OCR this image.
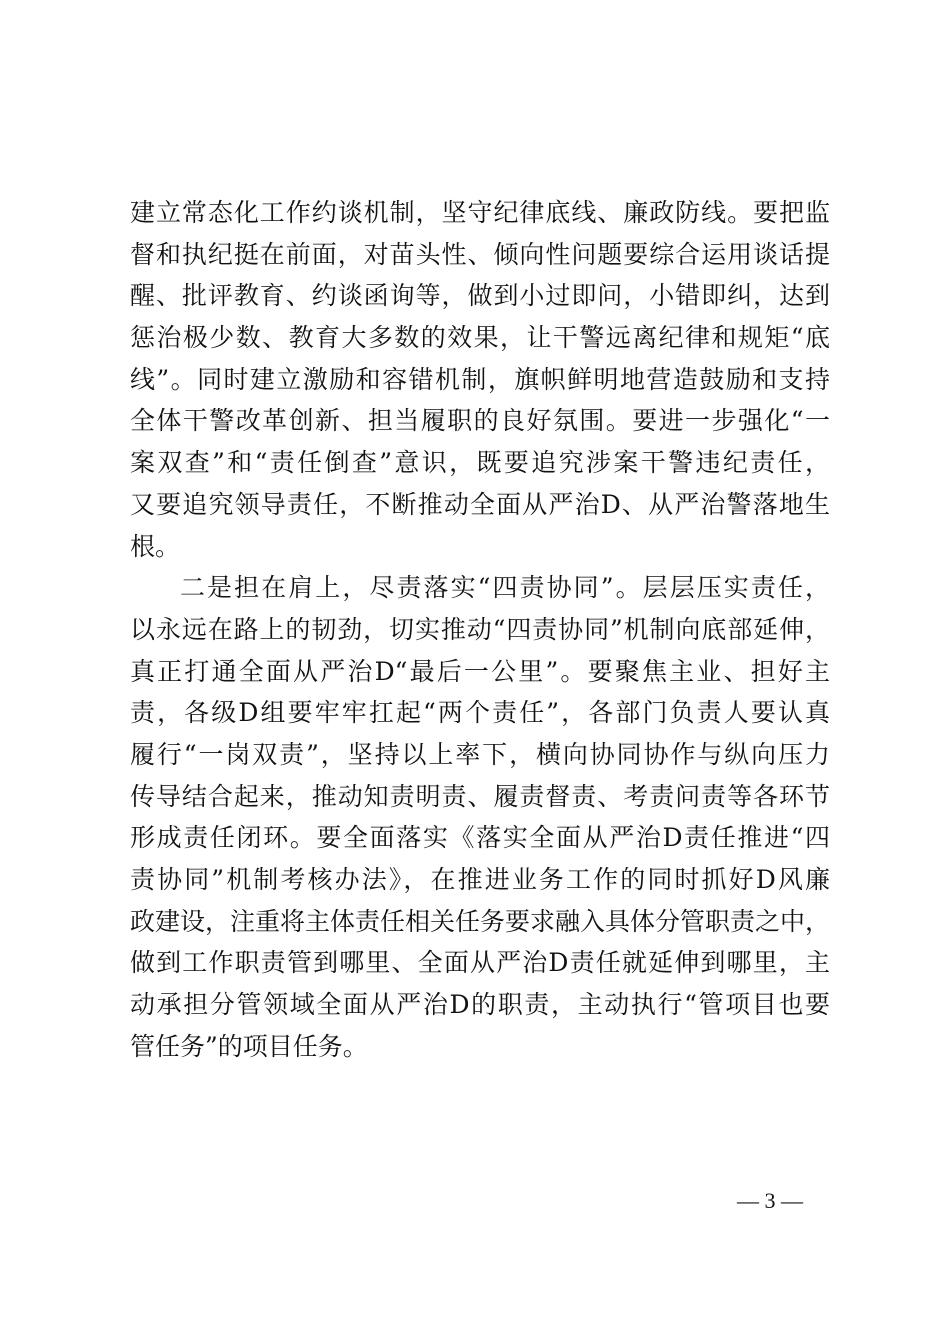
建立常态化工作约谈机制，坚守纪律底线、廉政防线。要把监
督和执纪挺在前面，对苗头性、倾向性问题要综合运用谈话提
醒、批评教育、约谈函询等，做到小过即问，小错即纠，达到
惩治极少数、教育大多数的效果，让干警远离纪律和规矩“底
线”。同时建立激励和容错机制，旗帜鲜明地营造鼓励和支持
全体干警改革创新、担当履职的良好氛围。要进一步强化“一
案双查”和“责任倒查”意识，既要追究涉案干警违纪责任，
又要追究领导责任，不断推动全面从严治D、从严治警落地生
根。
二是担在肩上，尽责落实“四责协同”。层层压实责任，
以永远在路上的韧劲，切实推动“四责协同”机制向底部延伸，
真正打通全面从严治D“最后一公里”。要聚焦主业、担好主
责，各级D组要牢牢扛起“两个责任”，各部门负责人要认真
履行“一岗双责”，坚持以上率下，横向协同协作与纵向压力
传导结合起来，推动知责明责、履责督责、考责问责等各环节
形成责任闭环。要全面落实《落实全面从严治D责任推进“四
责协同”机制考核办法》，在推进业务工作的同时抓好D风廉
政建设，注重将主体责任相关任务要求融入具体分管职责之中，
做到工作职责管到哪里、全面从严治D责任就延伸到哪里，主
动承担分管领域全面从严治D的职责，主动执行“管项目也要
管任务”的项目任务。
— 3 —
